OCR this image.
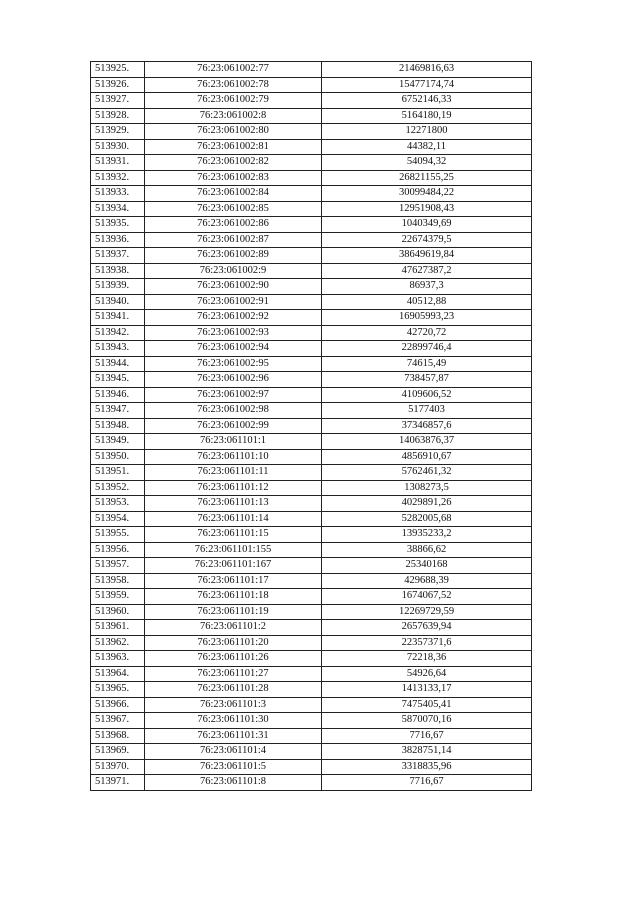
513925.	76:23:061002:77	21469816,63
513926.	76:23:061002:78	15477174,74
513927.	76:23:061002:79	6752146,33
513928.	76:23:061002:8	5164180,19
513929.	76:23:061002:80	12271800
513930.	76:23:061002:81	44382,11
513931.	76:23:061002:82	54094,32
513932.	76:23:061002:83	26821155,25
513933.	76:23:061002:84	30099484,22
513934.	76:23:061002:85	12951908,43
513935.	76:23:061002:86	1040349,69
513936.	76:23:061002:87	22674379,5
513937.	76:23:061002:89	38649619,84
513938.	76:23:061002:9	47627387,2
513939.	76:23:061002:90	86937,3
513940.	76:23:061002:91	40512,88
513941.	76:23:061002:92	16905993,23
513942.	76:23:061002:93	42720,72
513943.	76:23:061002:94	22899746,4
513944.	76:23:061002:95	74615,49
513945.	76:23:061002:96	738457,87
513946.	76:23:061002:97	4109606,52
513947.	76:23:061002:98	5177403
513948.	76:23:061002:99	37346857,6
513949.	76:23:061101:1	14063876,37
513950.	76:23:061101:10	4856910,67
513951.	76:23:061101:11	5762461,32
513952.	76:23:061101:12	1308273,5
513953.	76:23:061101:13	4029891,26
513954.	76:23:061101:14	5282005,68
513955.	76:23:061101:15	13935233,2
513956.	76:23:061101:155	38866,62
513957.	76:23:061101:167	25340168
513958.	76:23:061101:17	429688,39
513959.	76:23:061101:18	1674067,52
513960.	76:23:061101:19	12269729,59
513961.	76:23:061101:2	2657639,94
513962.	76:23:061101:20	22357371,6
513963.	76:23:061101:26	72218,36
513964.	76:23:061101:27	54926,64
513965.	76:23:061101:28	1413133,17
513966.	76:23:061101:3	7475405,41
513967.	76:23:061101:30	5870070,16
513968.	76:23:061101:31	7716,67
513969.	76:23:061101:4	3828751,14
513970.	76:23:061101:5	3318835,96
513971.	76:23:061101:8	7716,67
